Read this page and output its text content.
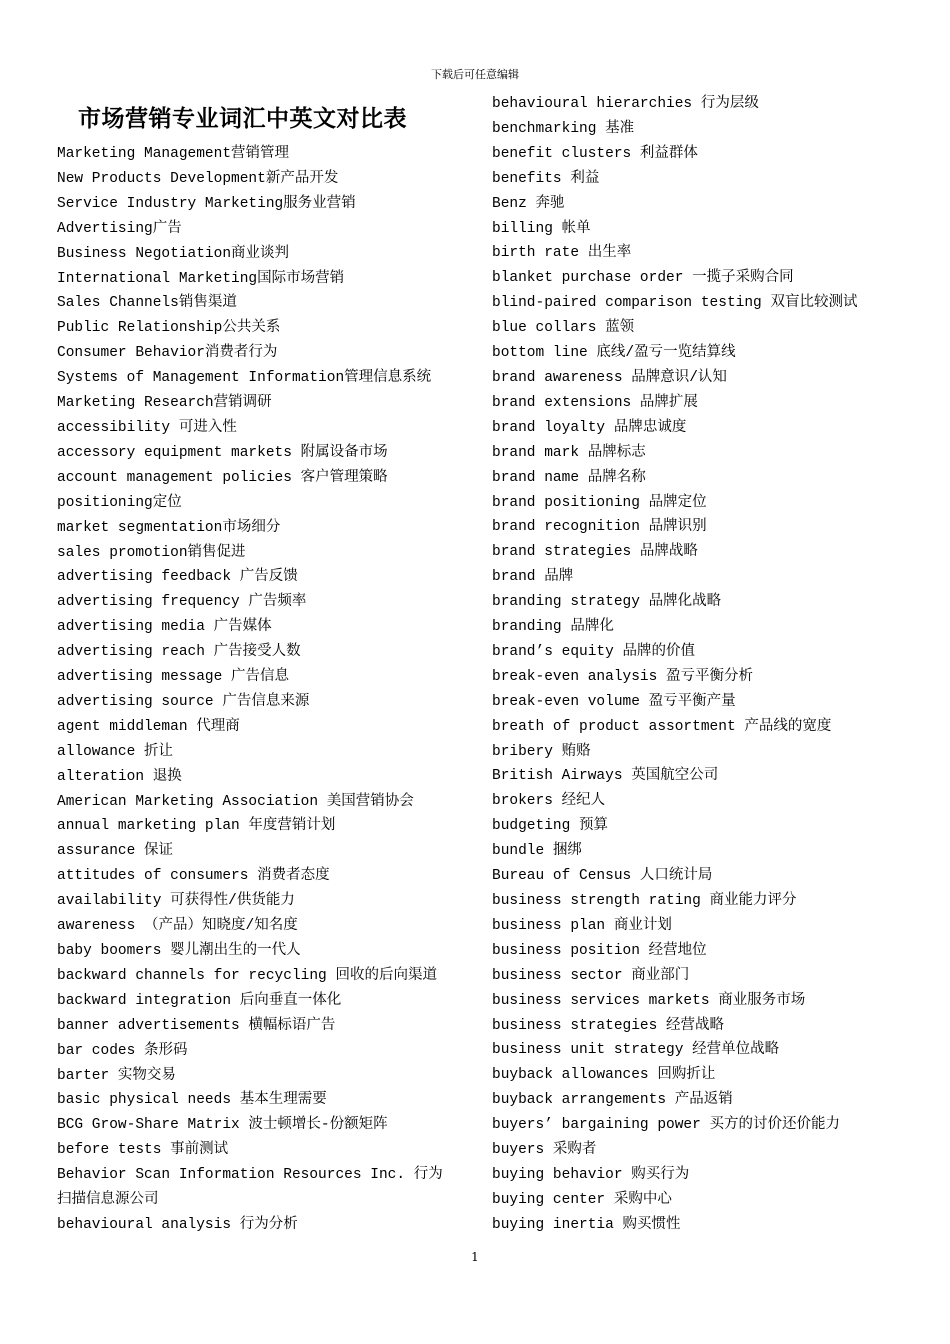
下载后可任意编辑
市场营销专业词汇中英文对比表
Marketing Management营销管理
New Products Development新产品开发
Service Industry Marketing服务业营销
Advertising广告
Business Negotiation商业谈判
International Marketing国际市场营销
Sales Channels销售渠道
Public Relationship公共关系
Consumer Behavior消费者行为
Systems of Management Information管理信息系统
Marketing Research营销调研
accessibility 可进入性
accessory equipment markets 附属设备市场
account management policies 客户管理策略
positioning定位
market segmentation市场细分
sales promotion销售促进
advertising feedback 广告反馈
advertising frequency 广告频率
advertising media 广告媒体
advertising reach 广告接受人数
advertising message 广告信息
advertising source 广告信息来源
agent middleman 代理商
allowance 折让
alteration 退换
American Marketing Association 美国营销协会
annual marketing plan 年度营销计划
assurance 保证
attitudes of consumers 消费者态度
availability 可获得性/供货能力
awareness （产品）知晓度/知名度
baby boomers 婴儿潮出生的一代人
backward channels for recycling 回收的后向渠道
backward integration 后向垂直一体化
banner advertisements 横幅标语广告
bar codes 条形码
barter 实物交易
basic physical needs 基本生理需要
BCG Grow-Share Matrix 波士顿增长-份额矩阵
before tests 事前测试
Behavior Scan Information Resources Inc. 行为扫描信息源公司
behavioural analysis 行为分析
behavioural hierarchies 行为层级
benchmarking 基准
benefit clusters 利益群体
benefits 利益
Benz 奔驰
billing 帐单
birth rate 出生率
blanket purchase order 一揽子采购合同
blind-paired comparison testing 双盲比较测试
blue collars 蓝领
bottom line 底线/盈亏一览结算线
brand awareness 品牌意识/认知
brand extensions 品牌扩展
brand loyalty 品牌忠诚度
brand mark 品牌标志
brand name 品牌名称
brand positioning 品牌定位
brand recognition 品牌识别
brand strategies 品牌战略
brand 品牌
branding strategy 品牌化战略
branding 品牌化
brand’s equity 品牌的价值
break-even analysis 盈亏平衡分析
break-even volume 盈亏平衡产量
breath of product assortment 产品线的宽度
bribery 贿赂
British Airways 英国航空公司
brokers 经纪人
budgeting 预算
bundle 捆绑
Bureau of Census 人口统计局
business strength rating 商业能力评分
business plan 商业计划
business position 经营地位
business sector 商业部门
business services markets 商业服务市场
business strategies 经营战略
business unit strategy 经营单位战略
buyback allowances 回购折让
buyback arrangements 产品返销
buyers’ bargaining power 买方的讨价还价能力
buyers 采购者
buying behavior 购买行为
buying center 采购中心
buying inertia 购买惯性
1
